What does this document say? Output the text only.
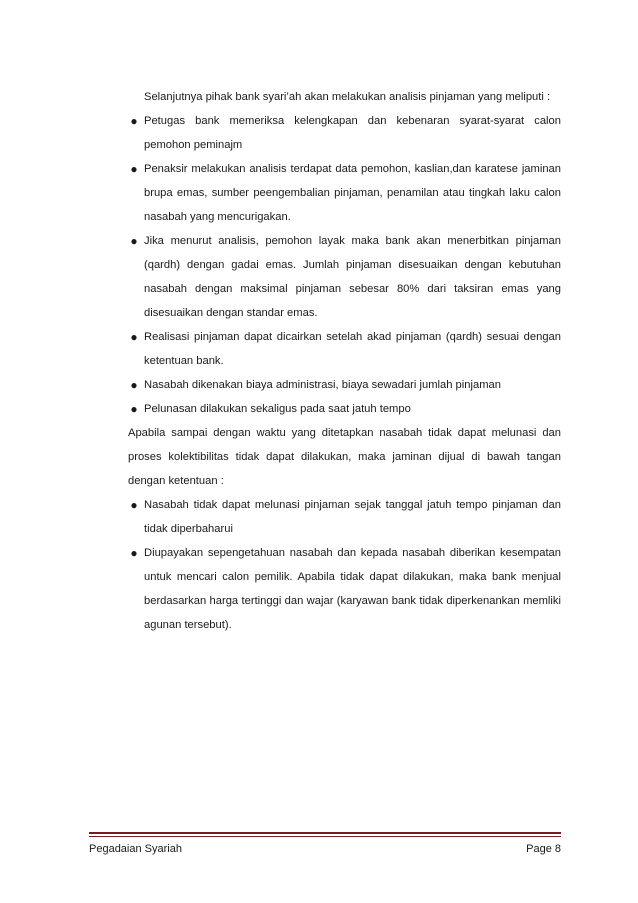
Selanjutnya pihak bank syari’ah akan melakukan analisis pinjaman yang meliputi :

● Petugas bank memeriksa kelengkapan dan kebenaran syarat-syarat calon pemohon peminajm
● Penaksir melakukan analisis terdapat data pemohon, kaslian,dan karatese jaminan brupa emas, sumber peengembalian pinjaman, penamilan atau tingkah laku calon nasabah yang mencurigakan.
● Jika menurut analisis, pemohon layak maka bank akan menerbitkan pinjaman (qardh) dengan gadai emas. Jumlah pinjaman disesuaikan dengan kebutuhan nasabah dengan maksimal pinjaman sebesar 80% dari taksiran emas yang disesuaikan dengan standar emas.
● Realisasi pinjaman dapat dicairkan setelah akad pinjaman (qardh) sesuai dengan ketentuan bank.
● Nasabah dikenakan biaya administrasi, biaya sewadari jumlah pinjaman
● Pelunasan dilakukan sekaligus pada saat jatuh tempo

Apabila sampai dengan waktu yang ditetapkan nasabah tidak dapat melunasi dan proses kolektibilitas tidak dapat dilakukan, maka jaminan dijual di bawah tangan dengan ketentuan :

● Nasabah tidak dapat melunasi pinjaman sejak tanggal jatuh tempo pinjaman dan tidak diperbaharui
● Diupayakan sepengetahuan nasabah dan kepada nasabah diberikan kesempatan untuk mencari calon pemilik. Apabila tidak dapat dilakukan, maka bank menjual berdasarkan harga tertinggi dan wajar (karyawan bank tidak diperkenankan memliki agunan tersebut).
Pegadaian Syariah	Page 8
